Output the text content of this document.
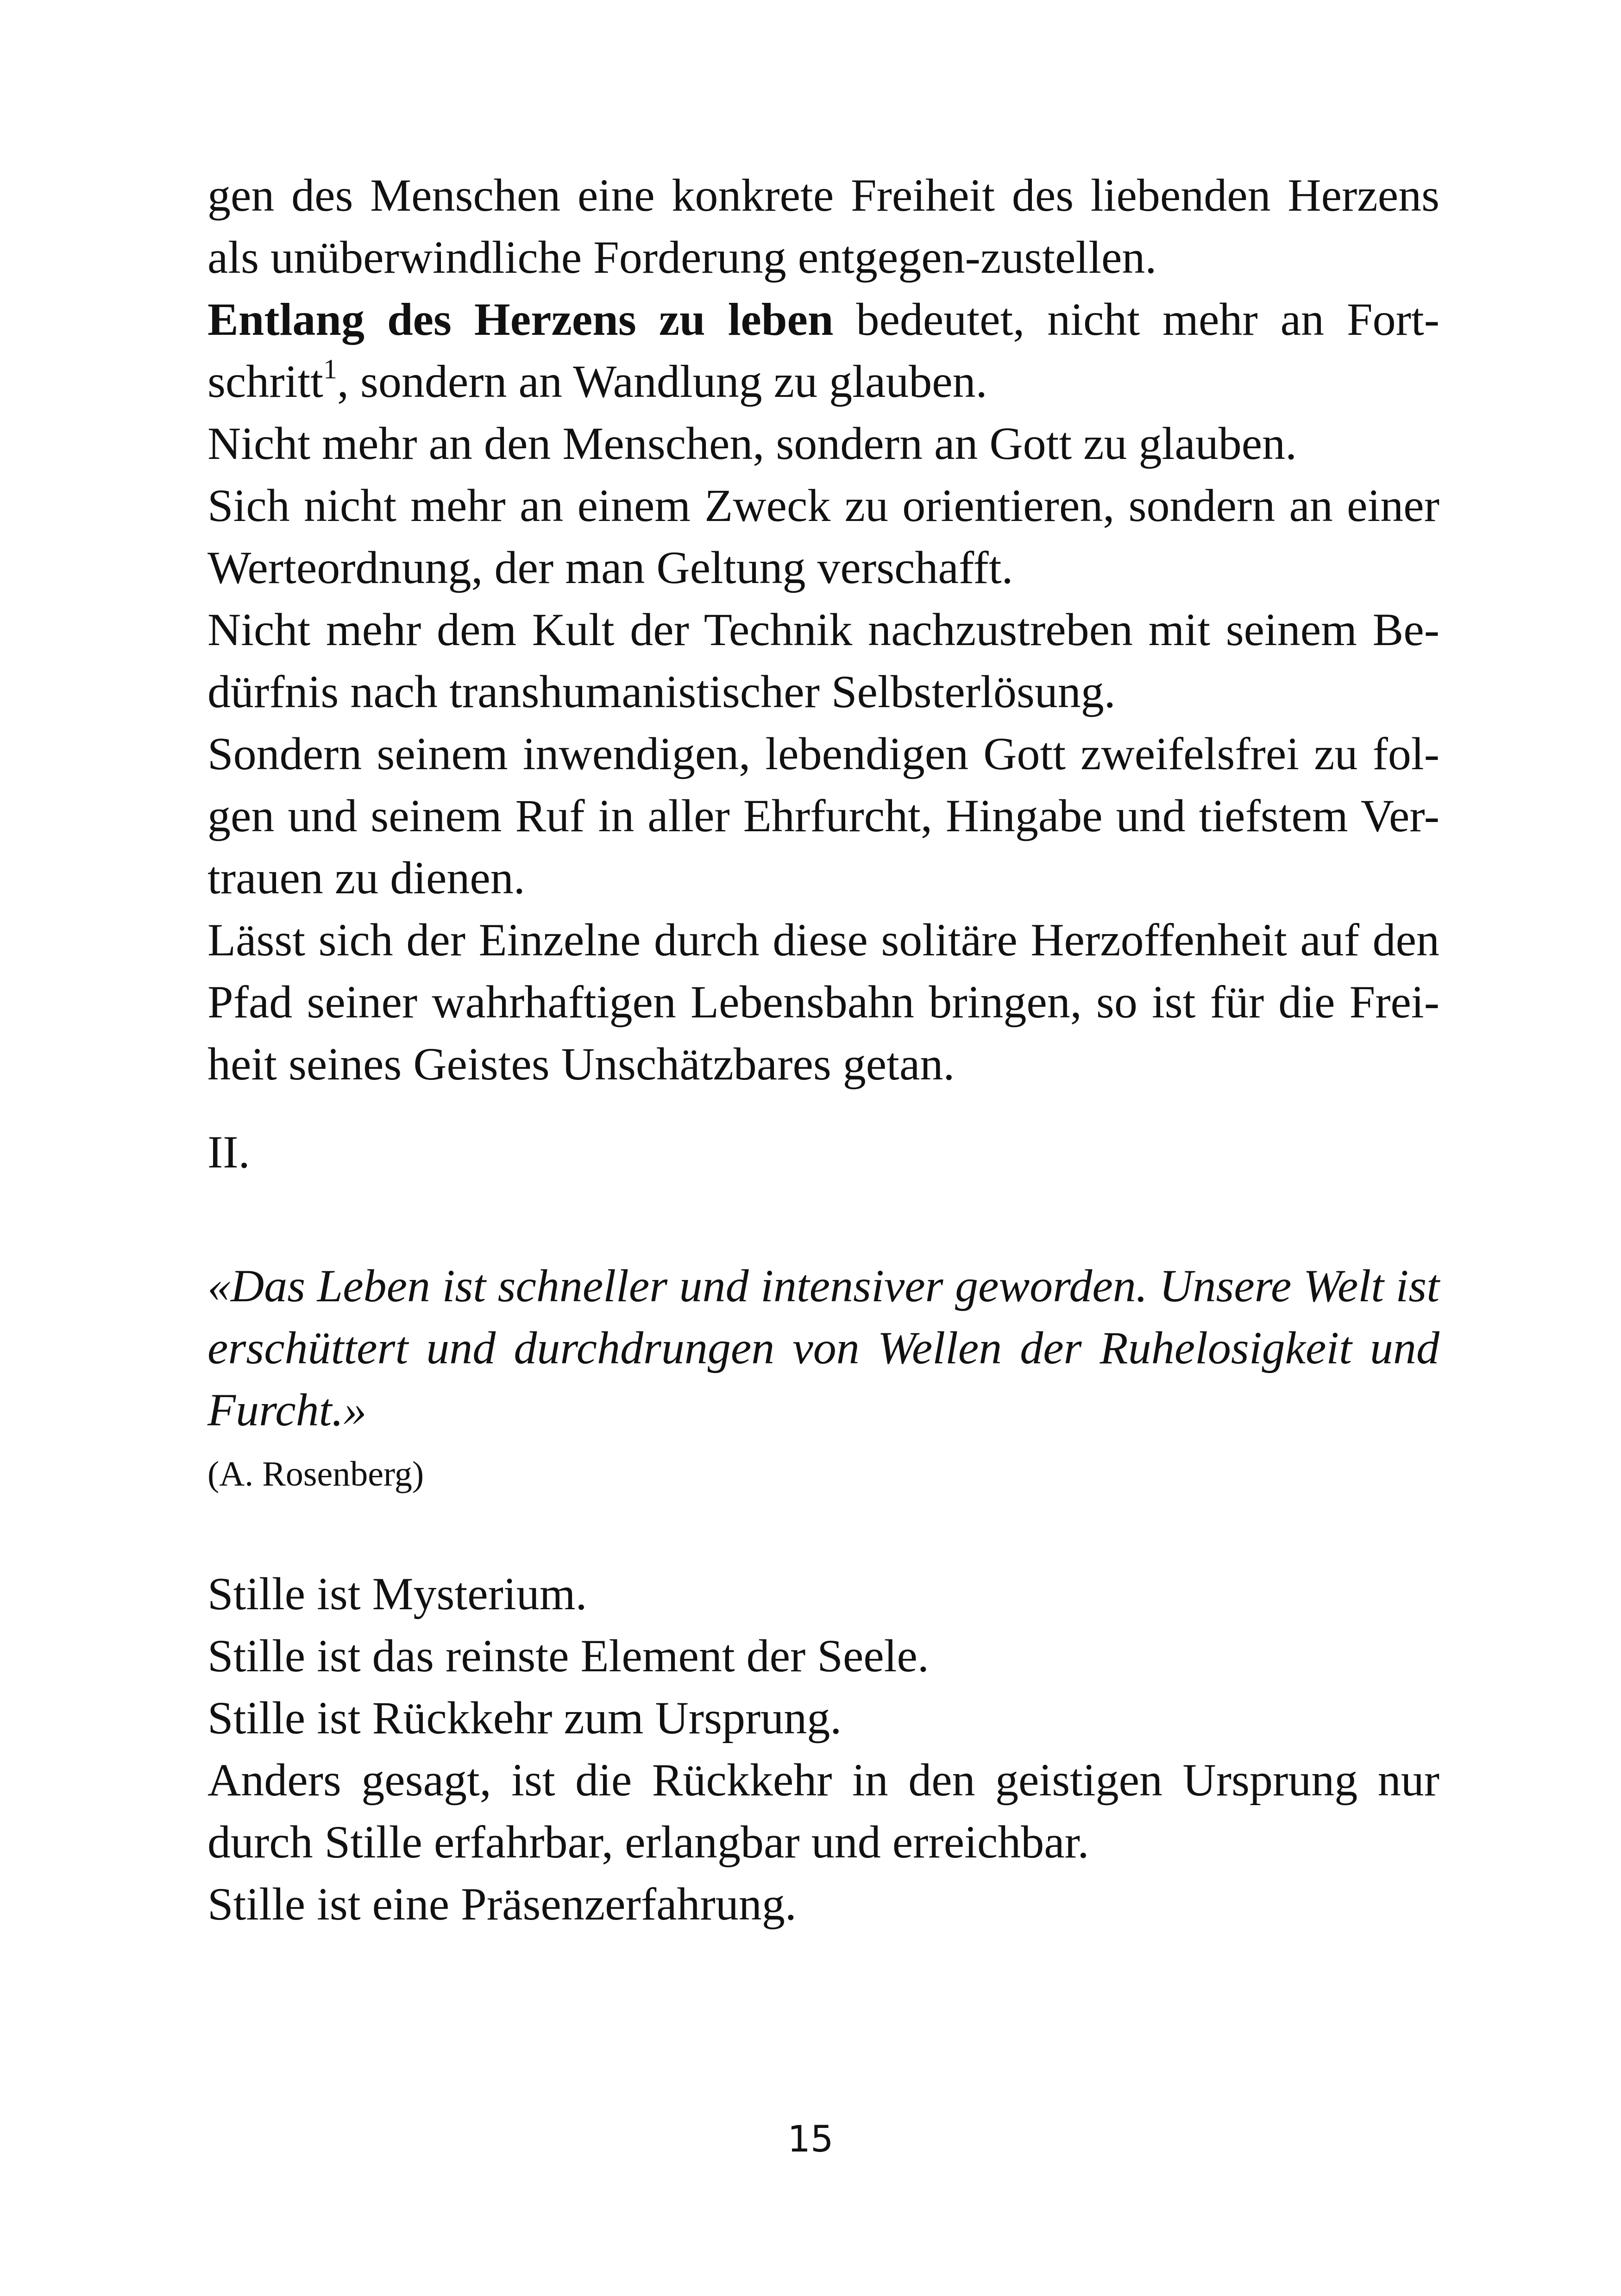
gen des Menschen eine konkrete Freiheit des liebenden Herzens
als unüberwindliche Forderung entgegen-zustellen.
Entlang des Herzens zu leben bedeutet, nicht mehr an Fort-
schritt$^1$, sondern an Wandlung zu glauben.
Nicht mehr an den Menschen, sondern an Gott zu glauben.
Sich nicht mehr an einem Zweck zu orientieren, sondern an einer
Werteordnung, der man Geltung verschafft.
Nicht mehr dem Kult der Technik nachzustreben mit seinem Be-
dürfnis nach transhumanistischer Selbsterlösung.
Sondern seinem inwendigen, lebendigen Gott zweifelsfrei zu fol-
gen und seinem Ruf in aller Ehrfurcht, Hingabe und tiefstem Ver-
trauen zu dienen.
Lässt sich der Einzelne durch diese solitäre Herzoffenheit auf den
Pfad seiner wahrhaftigen Lebensbahn bringen, so ist für die Frei-
heit seines Geistes Unschätzbares getan.
II.
«Das Leben ist schneller und intensiver geworden. Unsere Welt ist
erschüttert und durchdrungen von Wellen der Ruhelosigkeit und
Furcht.»
(A. Rosenberg)
Stille ist Mysterium.
Stille ist das reinste Element der Seele.
Stille ist Rückkehr zum Ursprung.
Anders gesagt, ist die Rückkehr in den geistigen Ursprung nur
durch Stille erfahrbar, erlangbar und erreichbar.
Stille ist eine Präsenzerfahrung.
15
